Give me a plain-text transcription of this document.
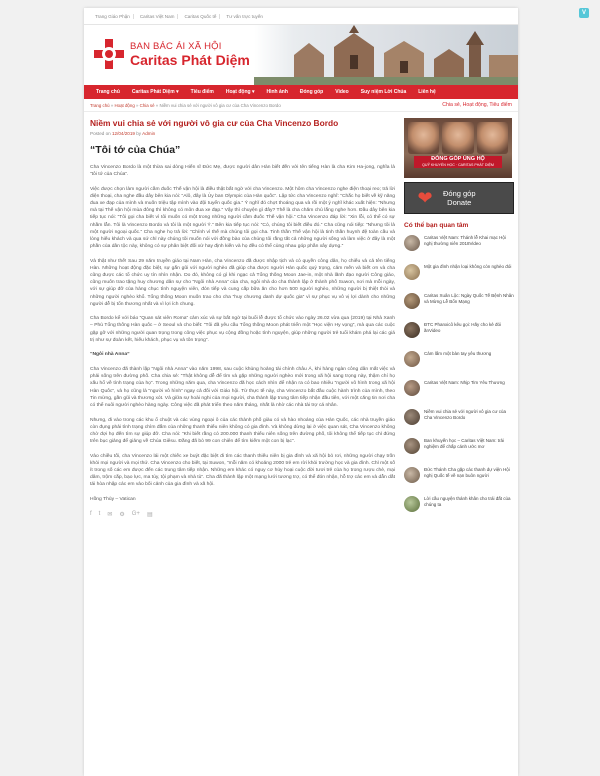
Trang Giáo Phận	Caritas Việt Nam	Caritas Quốc tế	Tư vấn trực tuyến
BAN BÁC ÁI XÃ HỘI
Caritas Phát Diệm
Trang chủ	Caritas Phát Diệm ▾	Tiêu điểm	Hoạt động ▾	Hình ảnh	Đóng góp	Video	Suy niệm Lời Chúa	Liên hệ
Trang chủ » Hoạt động » Chia sẻ » Niềm vui chia sẻ với người vô gia cư của Cha Vincenzo Bordo	Chia sẻ, Hoạt động, Tiêu điểm
Niềm vui chia sẻ với người vô gia cư của Cha Vincenzo Bordo
Posted on 12/04/2019 by Admin
“Tôi tớ của Chúa”

Cha Vincenzo Bordo là một thừa sai dòng Hiến sĩ Đức Mẹ, được người dân Hàn biết đến với tên tiếng Hàn là cha Kim Ha-jong, nghĩa là “tôi tớ của Chúa”.

Việc được chọn làm người cầm đuốc Thế vận hội là điều thật bất ngờ với cha Vincenzo. Một hôm cha Vincenzo nghe điện thoại reo; trả lời điện thoại, cha nghe đầu dây bên kia nói: “Alô, đây là Ủy ban Olympic của Hàn quốc”. Lập tức cha Vincenzo nghĩ: “Chắc họ biết về kỹ năng đua xe đạp của mình và muốn triệu tập mình vào đội tuyển quốc gia.” Ý nghĩ đó chợt thoáng qua và rồi một ý nghĩ khác xuất hiện: “Nhưng mà tại Thế vận hội mùa đông thì không có môn đua xe đạp.” Vậy thì chuyện gì đây? Thế là cha chăm chú lắng nghe hơn. Đầu dây bên kia tiếp tục nói: “Tôi gọi cha biết vì tôi muốn có một trong những người cầm đuốc Thế vận hội.” Cha Vincenzo đáp lời: “Xin lỗi, có thể có sự nhầm lẫn. Tôi là Vincenzo Bordo và tôi là một người Ý.” Bên kia tiếp tục nói: “Có, chúng tôi biết điều đó.” Cha cũng nói tiếp: “Nhưng tôi là một người ngoại quốc.” Cha nghe họ trả lời: “Chính vì thế mà chúng tôi gọi cha. Tinh thần Thế vận hội là tinh thần huynh đệ toàn cầu và lòng hiếu khách và qua sứ chỉ này chúng tôi muốn nói với đồng bào của chúng tôi rằng tất cả những người sống và làm việc ở đây là một phần của dân tộc này, không có sự phân biệt đối xử hay định kiến và họ đều có thể cùng nhau góp phần xây dựng.”

Và thật như thế! Sau 29 năm truyền giáo tại Nam Hàn, cha Vincenzo đã được nhập tịch và có quyền công dân, họ chiếu và cả tên tiếng Hàn. Những hoạt động đặc biệt, sự gắn gũi với người nghèo đã giúp cha được người Hàn quốc quý trọng, cảm mến và biết ơn và cha cũng được các tổ chức uy tín nhìn nhận. Do đó, không có gì khi ngạc cả Tổng thống Moon Jae-in, một nhà lãnh đạo người Công giáo, cũng muốn trao tặng huy chương dân sự cho “Ngôi nhà Anna” của cha, ngôi nhà do cha thành lập ở thành phố Suwon, nơi mà mỗi ngày, với sự giúp đỡ của hàng chục tình nguyện viên, đón tiếp và cung cấp bữa ăn cho hơn 500 người nghèo, những người bị thiệt thòi và những người nghèo khổ. Tổng thống Moon muốn trao cho cha “huy chương danh dự quốc gia” vì sự phục vụ vô vị lợi dành cho những người dễ bị tổn thương nhất và vì lợi ích chung.

Cha Bordo kể với báo “Quan sát viên Roma” cảm xúc và sự bất ngờ tại buổi lễ được tổ chức vào ngày 26.02 vừa qua (2019) tại Nhà Xanh – Phủ Tổng thống Hàn quốc – ở Seoul và cho biết: “Tôi đã yêu cầu Tổng thống Moon phát triển một “Học viện Hy vọng”, mà qua các cuộc gặp gỡ với những người quan trọng trong công việc phục vụ cộng đồng hoặc tình nguyện, giúp những người trẻ tuổi khám phá lại các giá trị như sự đoàn kết, hiếu khách, phục vụ và tôn trọng”.

“Ngôi nhà Anna”

Cha Vincenzo đã thành lập “Ngôi nhà Anna” vào năm 1998, sau cuộc khủng hoảng tài chính châu Á, khi hàng ngàn công dân mất việc và phải sống trên đường phố. Cha chia sẻ: “Thật không dễ để tìm và gặp những người nghèo mới trong xã hội sang trọng này, thậm chí họ xấu hổ về tình trạng của họ”. Trong những năm qua, cha Vincenzo đã học cách nhìn để nhận ra có bao nhiêu “người vô hình trong xã hội Hàn Quốc”, và họ cũng là “người vô hình” ngay cả đối với Giáo hội. Từ thực tế này, cha Vincenzo bắt đầu cuộc hành trình của mình, theo Tin mừng, gần gũi và thương xót. Và giữa sự hoài nghi của mọi người, cha thành lập trung tâm tiếp nhận đầu tiên, với một căng tin nơi cha có thể nuôi người nghèo hàng ngày. Công việc đã phát triển theo năm tháng, nhất là nhờ các nhà tài trợ cá nhân.

Nhưng, đi vào trong các khu ổ chuột và các vùng ngoại ô của các thành phố giàu có và hào nhoáng của Hàn Quốc, các nhà truyền giáo còn đụng phải tình trạng chìm đắm của những thanh thiếu niên không có gia đình. Và không dừng lại ở việc quan sát, Cha Vincenzo không chờ đợi họ đến tìm sự giúp đỡ. Cha nói: “Khi biết rằng có 200.000 thanh thiếu niên sống trên đường phố, tôi không thể tiếp tục chỉ đứng trên bục giảng để giảng về Chúa Giêsu. Đằng đã bò 99 con chiên để tìm kiếm một con bị lạc”.

Vào chiều tối, cha Vincenzo lái một chiếc xe buýt đặc biệt đi tìm các thanh thiếu niên bị gia đình và xã hội bỏ rơi, những người chạy trốn khỏi mọi người và mọi thứ. Cha Vincenzo cho biết, tại Suwon, “mỗi năm có khoảng 2000 trẻ em rời khỏi trường học và gia đình. Chỉ một số ít trong số các em được đến các trung tâm tiếp nhận. Những em khác có nguy cơ hủy hoại cuộc đời tươi trẻ của họ trong rượu chè, mại dâm, trộm cắp, bạo lực, ma túy, tội phạm và nhà tù”. Cha đã thành lập một mạng lưới tương trợ, có thể đón nhận, hỗ trợ các em và dẫn dắt tái hòa nhập các em vào bối cảnh của gia đình và xã hội.

Hồng Thủy – Vatican

f t ✉ ⚙ G+ ▤
ĐÓNG GÓP ỦNG HỘ
QUỸ KHUYẾN HỌC · CARITAS PHÁT DIỆM
❤	Đóng góp
Donate
Có thể bạn quan tâm
Caritas Việt Nam: Thánh lễ Khai mạc Hội nghị thường niên 2018Video
Một gia đình nhận loại không còn nghèo đói
Caritas Xuân Lộc: Ngày Quốc Tế Bệnh Nhân và Mừng Lễ Bổn Mạng
ĐTC Phanxicô kêu gọi: Hãy cho kẻ đói ănVideo
Cảm lấm một bàn tay yêu thương
Caritas Việt Nam: Nhịp Tim Yêu Thương
Niềm vui chia sẻ với người vô gia cư của Cha Vincenzo Bordo
Ban khuyến học – Caritas Việt Nam: trải nghiệm để chấp cánh ước mơ
Đức Thánh Cha gặp các thanh dự viện Hội nghị Quốc tế về nạn buôn người
Lời cầu nguyện thánh khân cho trái đất của chúng ta
V
